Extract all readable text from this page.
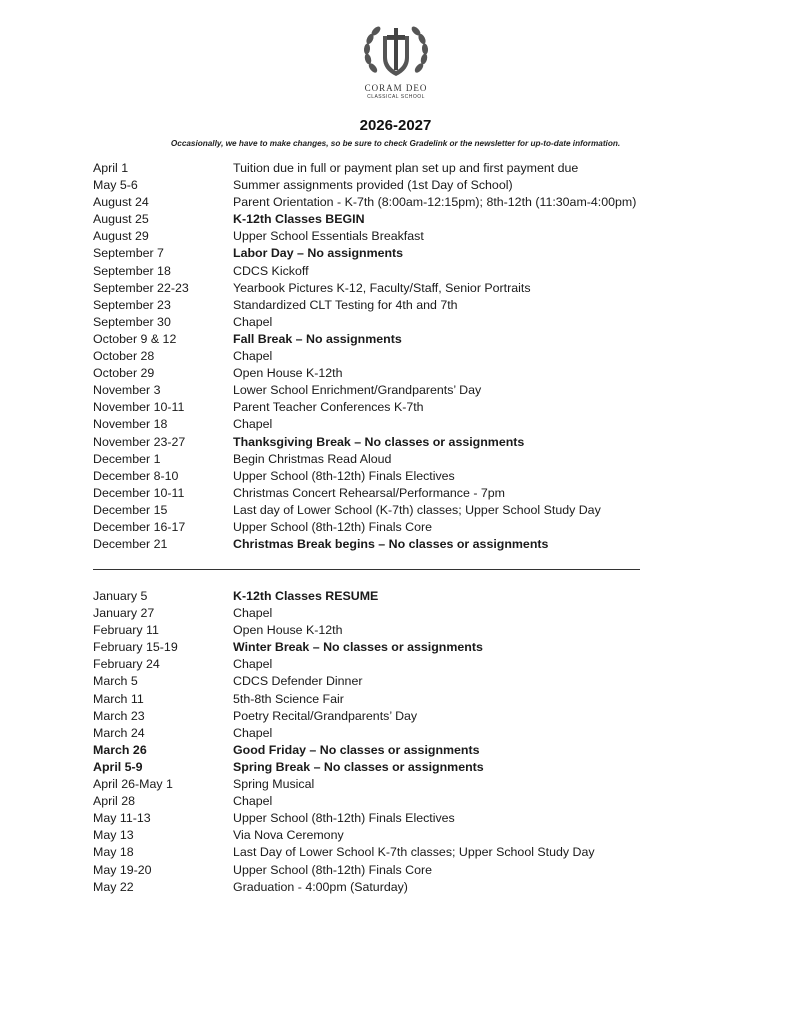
CORAM DEO
CLASSICAL SCHOOL
2026-2027
Occasionally, we have to make changes, so be sure to check Gradelink or the newsletter for up-to-date information.
April 1	Tuition due in full or payment plan set up and first payment due
May 5-6	Summer assignments provided (1st Day of School)
August 24	Parent Orientation - K-7th (8:00am-12:15pm); 8th-12th (11:30am-4:00pm)
August 25	K-12th Classes BEGIN
August 29	Upper School Essentials Breakfast
September 7	Labor Day – No assignments
September 18	CDCS Kickoff
September 22-23	Yearbook Pictures K-12, Faculty/Staff, Senior Portraits
September 23	Standardized CLT Testing for 4th and 7th
September 30	Chapel
October 9 & 12	Fall Break – No assignments
October 28	Chapel
October 29	Open House K-12th
November 3	Lower School Enrichment/Grandparents’ Day
November 10-11	Parent Teacher Conferences K-7th
November 18	Chapel
November 23-27	Thanksgiving Break – No classes or assignments
December 1	Begin Christmas Read Aloud
December 8-10	Upper School (8th-12th) Finals Electives
December 10-11	Christmas Concert Rehearsal/Performance - 7pm
December 15	Last day of Lower School (K-7th) classes; Upper School Study Day
December 16-17	Upper School (8th-12th) Finals Core
December 21	Christmas Break begins – No classes or assignments
January 5	K-12th Classes RESUME
January 27	Chapel
February 11	Open House K-12th
February 15-19	Winter Break – No classes or assignments
February 24	Chapel
March 5	CDCS Defender Dinner
March 11	5th-8th Science Fair
March 23	Poetry Recital/Grandparents’ Day
March 24	Chapel
March 26	Good Friday – No classes or assignments
April 5-9	Spring Break – No classes or assignments
April 26-May 1	Spring Musical
April 28	Chapel
May 11-13	Upper School (8th-12th) Finals Electives
May 13	Via Nova Ceremony
May 18	Last Day of Lower School K-7th classes; Upper School Study Day
May 19-20	Upper School (8th-12th) Finals Core
May 22	Graduation - 4:00pm (Saturday)
